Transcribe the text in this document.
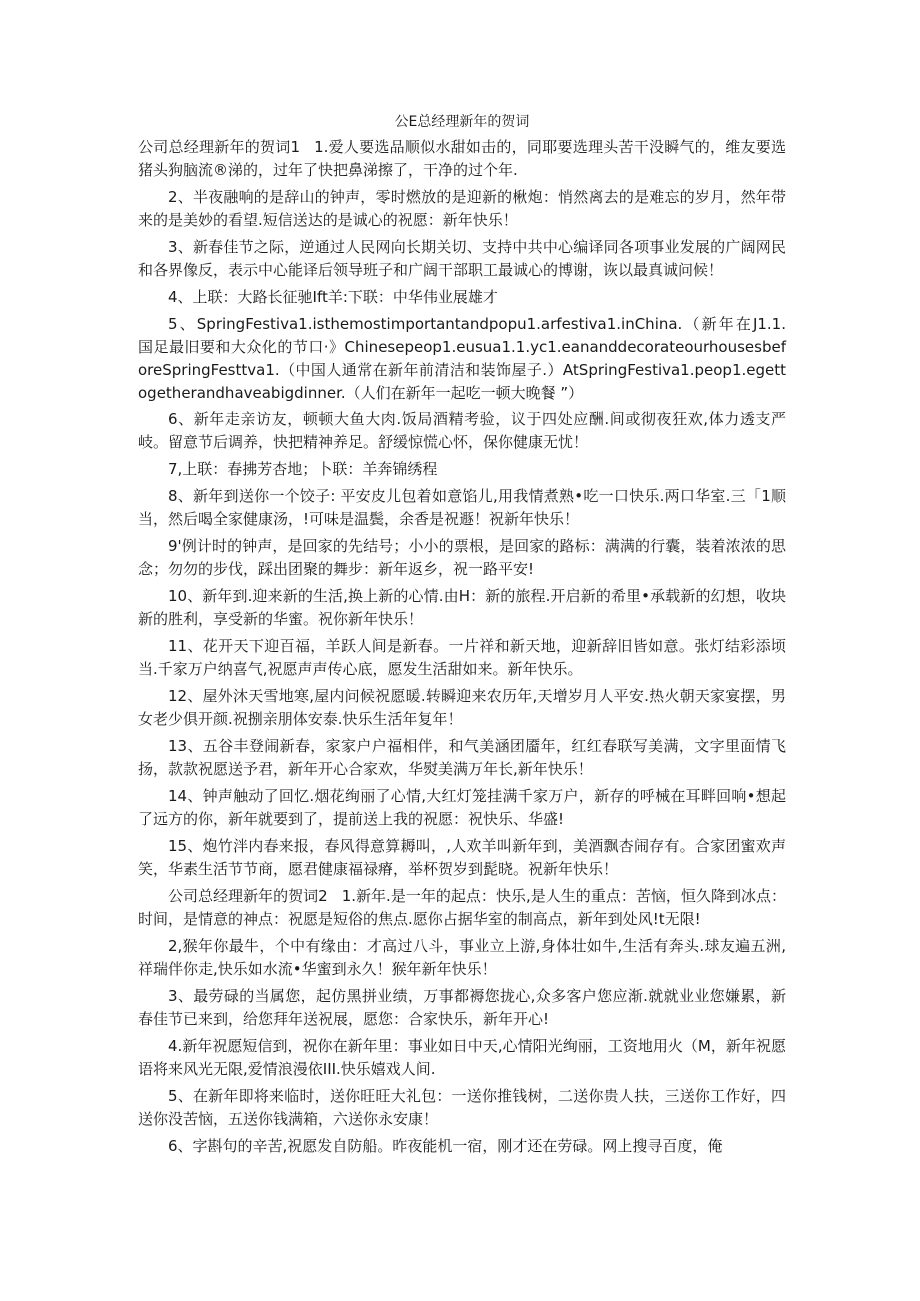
公E总经理新年的贺词

公司总经理新年的贺词1 1.爱人要选品顺似水甜如击的，同耶要选理头苦干没瞬气的，维友要选猪头狗脑流®涕的，过年了快把鼻涕擦了，干净的过个年.

2、半夜融响的是辞山的钟声，零时燃放的是迎新的楸炮：悄然离去的是难忘的岁月，然年带来的是美妙的看望.短信送达的是诚心的祝愿：新年快乐！

3、新春佳节之际，逆通过人民网向长期关切、支持中共中心编译同各项事业发展的广阔网民和各界像反，表示中心能译后领导班子和广阔干部职工最诚心的博谢，诙以最真诚问候！

4、上联：大路长征驰Ift羊:下联：中华伟业展雄才

5、SpringFestiva1.isthemostimportantandpopu1.arfestiva1.inChina.（新年在J1.1.国足最旧要和大众化的节口·》Chinesepeop1.eusua1.1.yc1.eananddecorateourhousesbeforeSpringFesttva1.（中国人通常在新年前清洁和装饰屋子.）AtSpringFestiva1.peop1.egettogetherandhaveabigdinner.（人们在新年一起吃一顿大晚餐 ”）

6、新年走亲访友，顿顿大鱼大肉.饭局酒精考验，议于四处应酬.间或彻夜狂欢,体力透支严岐。留意节后调养，快把精神养足。舒缓惊慌心怀，保你健康无忧！

7,上联：春拂芳杏地；卜联：羊奔锦绣程

8、新年到送你一个饺子: 平安皮儿包着如意馅儿,用我情煮熟•吃一口快乐.两口华室.三「1顺当，然后喝全家健康汤，!可味是温鬓，余香是祝遯！祝新年快乐！

9'例计时的钟声，是回家的先结号；小小的票根，是回家的路标：满满的行囊，装着浓浓的思念；勿勿的步伐，踩出团聚的舞步：新年返乡，祝一路平安!

10、新年到.迎来新的生活,换上新的心情.由H：新的旅程.开启新的希里•承载新的幻想，收块新的胜利，享受新的华蜜。祝你新年快乐！

11、花开天下迎百福，羊跃人间是新春。一片祥和新天地，迎新辞旧皆如意。张灯结彩添顷当.千家万户纳喜气,祝愿声声传心底，愿发生活甜如来。新年快乐。

12、屋外沐天雪地寒,屋内问候祝愿暖.转瞬迎来农历年,天增岁月人平安.热火朝天家宴摆，男女老少俱开颜.祝捌亲朋体安泰.快乐生活年复年！

13、五谷丰登闹新春，家家户户福相伴，和气美涵团靥年，红红春联写美满，文字里面情飞扬，款款祝愿送予君，新年开心合家欢，华熨美满万年长,新年快乐！

14、钟声触动了回忆.烟花绚丽了心情,大红灯笼挂满千家万户，新存的呼械在耳畔回响•想起了远方的你，新年就要到了，提前送上我的祝愿：祝快乐、华盛!

15、炮竹泮内春来报，春风得意算耨叫，,人欢羊叫新年到，美酒飘杏闹存有。合家团蜜欢声笑，华素生活节节商，愿君健康福禄瘠，举杯贺岁到髭晓。祝新年快乐！

公司总经理新年的贺词2 1.新年.是一年的起点：快乐,是人生的重点：苦恼，恒久降到冰点：时间，是情意的神点：祝愿是短俗的焦点.愿你占据华室的制高点，新年到处风!t无限!

2,猴年你最牛，个中有缘由：才高过八斗，事业立上游,身体壮如牛,生活有奔头.球友遍五洲,祥瑞伴你走,快乐如水流•华蜜到永久！猴年新年快乐！

3、最劳碌的当属您，起仿黑拼业绩，万事都褥您拢心,众多客户您应渐.就就业业您嫌累，新春佳节已来到，给您拜年送祝展，愿您：合家快乐，新年开心!

4.新年祝愿短信到，祝你在新年里：事业如日中天,心情阳光绚丽，工资地用火（M，新年祝愿语将来风光无限,爱情浪漫依III.快乐嬉戏人间.

5、在新年即将来临时，送你旺旺大礼包：一送你推钱树，二送你贵人扶，三送你工作好，四送你没苦恼，五送你钱满箱，六送你永安康！

6、字斟句的辛苦,祝愿发自防船。昨夜能机一宿，刚才还在劳碌。网上搜寻百度，俺
